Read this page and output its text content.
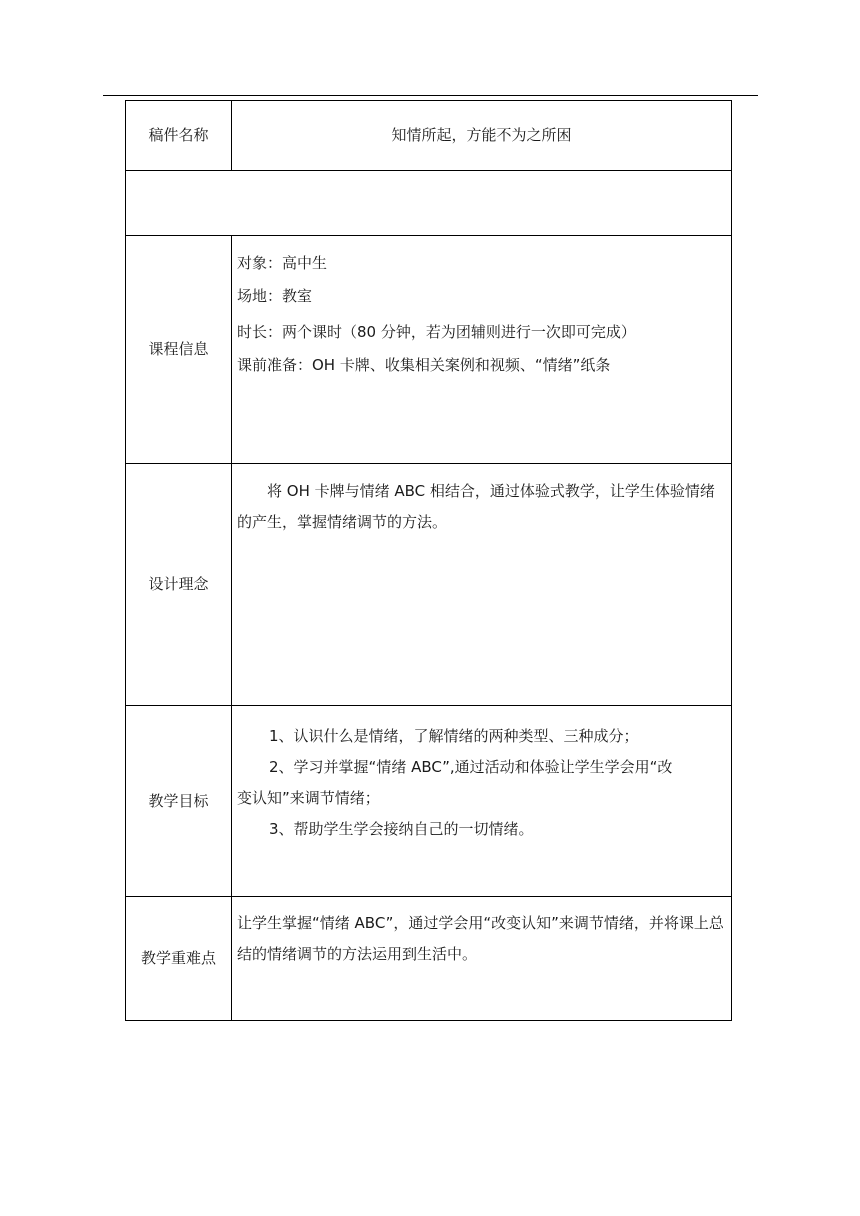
稿件名称	知情所起，方能不为之所困

课程信息	对象：高中生
场地：教室
时长：两个课时（80 分钟，若为团辅则进行一次即可完成）
课前准备：OH 卡牌、收集相关案例和视频、“情绪”纸条

设计理念	将 OH 卡牌与情绪 ABC 相结合，通过体验式教学，让学生体验情绪的产生，掌握情绪调节的方法。

教学目标	1、认识什么是情绪，了解情绪的两种类型、三种成分；
2、学习并掌握“情绪 ABC”,通过活动和体验让学生学会用“改
变认知”来调节情绪；
3、帮助学生学会接纳自己的一切情绪。

教学重难点	让学生掌握“情绪 ABC”，通过学会用“改变认知”来调节情绪，并将课上总结的情绪调节的方法运用到生活中。
